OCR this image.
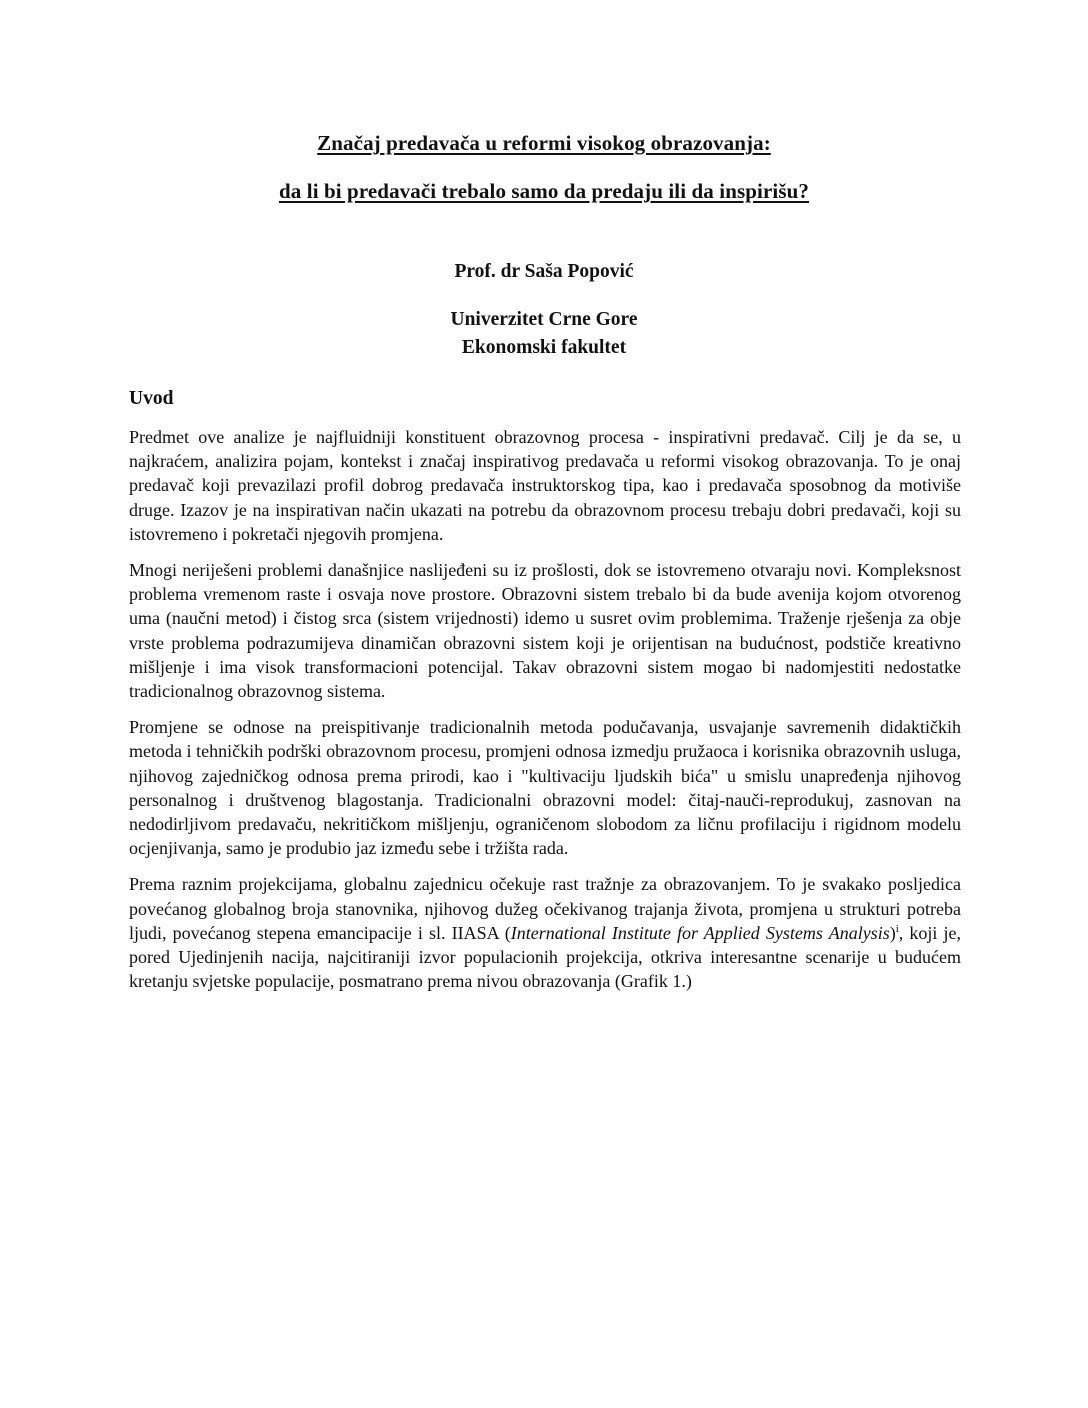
Značaj predavača u reformi visokog obrazovanja:
da li bi predavači trebalo samo da predaju ili da inspirišu?
Prof. dr Saša Popović
Univerzitet Crne Gore
Ekonomski fakultet
Uvod

Predmet ove analize je najfluidniji konstituent obrazovnog procesa - inspirativni predavač. Cilj je da se, u najkraćem, analizira pojam, kontekst i značaj inspirativog predavača u reformi visokog obrazovanja. To je onaj predavač koji prevazilazi profil dobrog predavača instruktorskog tipa, kao i predavača sposobnog da motiviše druge. Izazov je na inspirativan način ukazati na potrebu da obrazovnom procesu trebaju dobri predavači, koji su istovremeno i pokretači njegovih promjena.

Mnogi neriješeni problemi današnjice naslijeđeni su iz prošlosti, dok se istovremeno otvaraju novi. Kompleksnost problema vremenom raste i osvaja nove prostore. Obrazovni sistem trebalo bi da bude avenija kojom otvorenog uma (naučni metod) i čistog srca (sistem vrijednosti) idemo u susret ovim problemima. Traženje rješenja za obje vrste problema podrazumijeva dinamičan obrazovni sistem koji je orijentisan na budućnost, podstiče kreativno mišljenje i ima visok transformacioni potencijal. Takav obrazovni sistem mogao bi nadomjestiti nedostatke tradicionalnog obrazovnog sistema.

Promjene se odnose na preispitivanje tradicionalnih metoda podučavanja, usvajanje savremenih didaktičkih metoda i tehničkih podrški obrazovnom procesu, promjeni odnosa izmedju pružaoca i korisnika obrazovnih usluga, njihovog zajedničkog odnosa prema prirodi, kao i "kultivaciju ljudskih bića" u smislu unapređenja njihovog personalnog i društvenog blagostanja. Tradicionalni obrazovni model: čitaj-nauči-reprodukuj, zasnovan na nedodirljivom predavaču, nekritičkom mišljenju, ograničenom slobodom za ličnu profilaciju i rigidnom modelu ocjenjivanja, samo je produbio jaz između sebe i tržišta rada.

Prema raznim projekcijama, globalnu zajednicu očekuje rast tražnje za obrazovanjem. To je svakako posljedica povećanog globalnog broja stanovnika, njihovog dužeg očekivanog trajanja života, promjena u strukturi potreba ljudi, povećanog stepena emancipacije i sl. IIASA (International Institute for Applied Systems Analysis)$^i$, koji je, pored Ujedinjenih nacija, najcitiraniji izvor populacionih projekcija, otkriva interesantne scenarije u budućem kretanju svjetske populacije, posmatrano prema nivou obrazovanja (Grafik 1.)
